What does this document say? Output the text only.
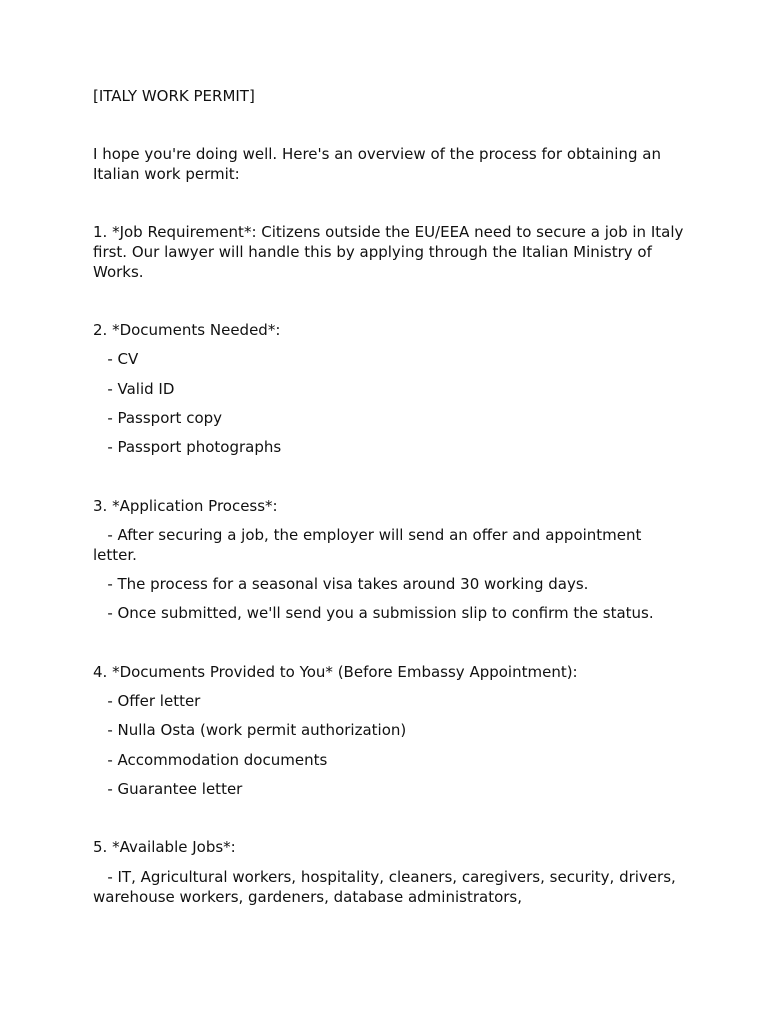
[ITALY WORK PERMIT]

I hope you're doing well. Here's an overview of the process for obtaining an Italian work permit:

1. *Job Requirement*: Citizens outside the EU/EEA need to secure a job in Italy first. Our lawyer will handle this by applying through the Italian Ministry of Works.

2. *Documents Needed*:

- CV

- Valid ID

- Passport copy

- Passport photographs

3. *Application Process*:

- After securing a job, the employer will send an offer and appointment letter.

- The process for a seasonal visa takes around 30 working days.

- Once submitted, we'll send you a submission slip to confirm the status.

4. *Documents Provided to You* (Before Embassy Appointment):

- Offer letter

- Nulla Osta (work permit authorization)

- Accommodation documents

- Guarantee letter

5. *Available Jobs*:

- IT, Agricultural workers, hospitality, cleaners, caregivers, security, drivers, warehouse workers, gardeners, database administrators,
